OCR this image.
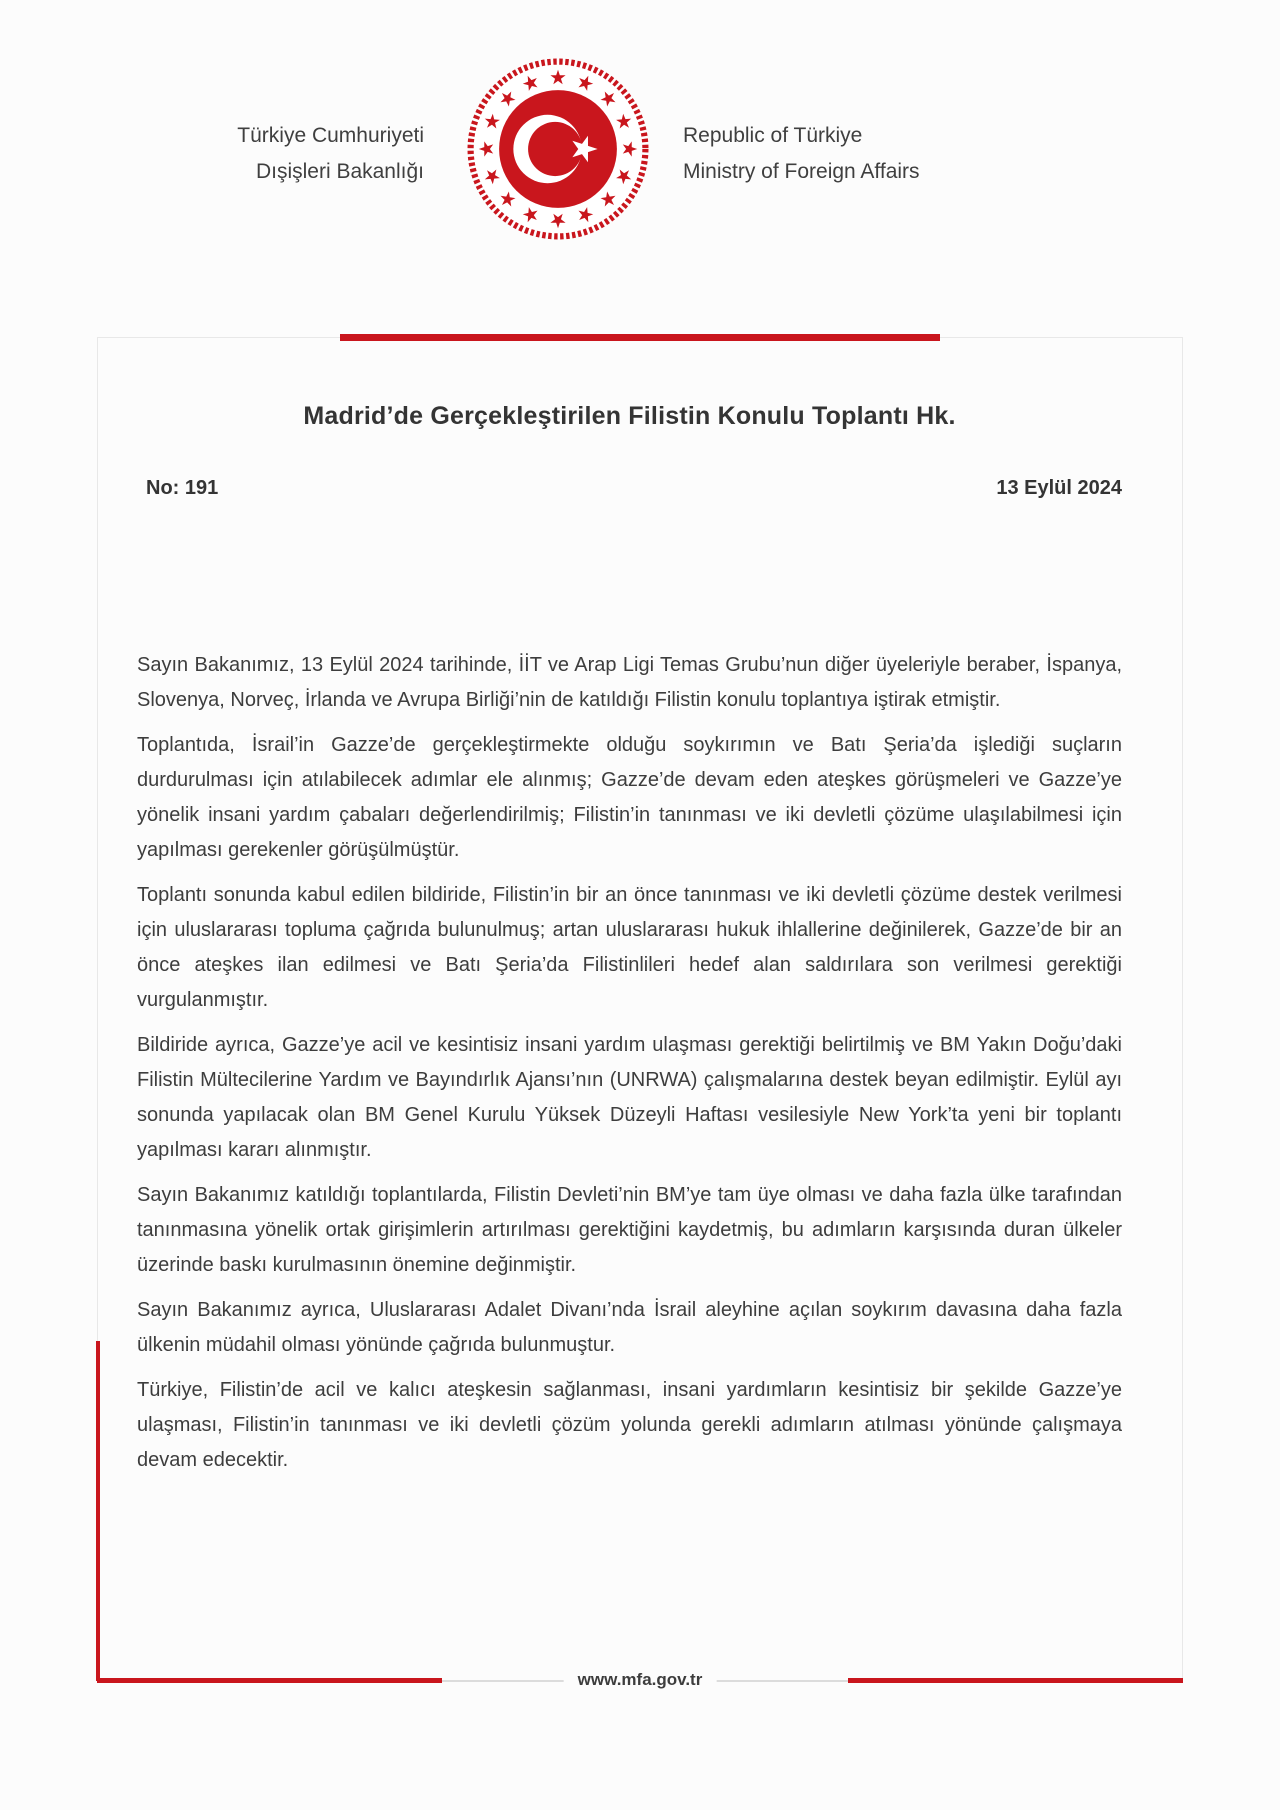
Türkiye Cumhuriyeti
Dışişleri Bakanlığı
Republic of Türkiye
Ministry of Foreign Affairs
Madrid’de Gerçekleştirilen Filistin Konulu Toplantı Hk.
No: 191	13 Eylül 2024

Sayın Bakanımız, 13 Eylül 2024 tarihinde, İİT ve Arap Ligi Temas Grubu’nun diğer üyeleriyle beraber, İspanya, Slovenya, Norveç, İrlanda ve Avrupa Birliği’nin de katıldığı Filistin konulu toplantıya iştirak etmiştir.

Toplantıda, İsrail’in Gazze’de gerçekleştirmekte olduğu soykırımın ve Batı Şeria’da işlediği suçların durdurulması için atılabilecek adımlar ele alınmış; Gazze’de devam eden ateşkes görüşmeleri ve Gazze’ye yönelik insani yardım çabaları değerlendirilmiş; Filistin’in tanınması ve iki devletli çözüme ulaşılabilmesi için yapılması gerekenler görüşülmüştür.

Toplantı sonunda kabul edilen bildiride, Filistin’in bir an önce tanınması ve iki devletli çözüme destek verilmesi için uluslararası topluma çağrıda bulunulmuş; artan uluslararası hukuk ihlallerine değinilerek, Gazze’de bir an önce ateşkes ilan edilmesi ve Batı Şeria’da Filistinlileri hedef alan saldırılara son verilmesi gerektiği vurgulanmıştır.

Bildiride ayrıca, Gazze’ye acil ve kesintisiz insani yardım ulaşması gerektiği belirtilmiş ve BM Yakın Doğu’daki Filistin Mültecilerine Yardım ve Bayındırlık Ajansı’nın (UNRWA) çalışmalarına destek beyan edilmiştir. Eylül ayı sonunda yapılacak olan BM Genel Kurulu Yüksek Düzeyli Haftası vesilesiyle New York’ta yeni bir toplantı yapılması kararı alınmıştır.

Sayın Bakanımız katıldığı toplantılarda, Filistin Devleti’nin BM’ye tam üye olması ve daha fazla ülke tarafından tanınmasına yönelik ortak girişimlerin artırılması gerektiğini kaydetmiş, bu adımların karşısında duran ülkeler üzerinde baskı kurulmasının önemine değinmiştir.

Sayın Bakanımız ayrıca, Uluslararası Adalet Divanı’nda İsrail aleyhine açılan soykırım davasına daha fazla ülkenin müdahil olması yönünde çağrıda bulunmuştur.

Türkiye, Filistin’de acil ve kalıcı ateşkesin sağlanması, insani yardımların kesintisiz bir şekilde Gazze’ye ulaşması, Filistin’in tanınması ve iki devletli çözüm yolunda gerekli adımların atılması yönünde çalışmaya devam edecektir.

www.mfa.gov.tr
